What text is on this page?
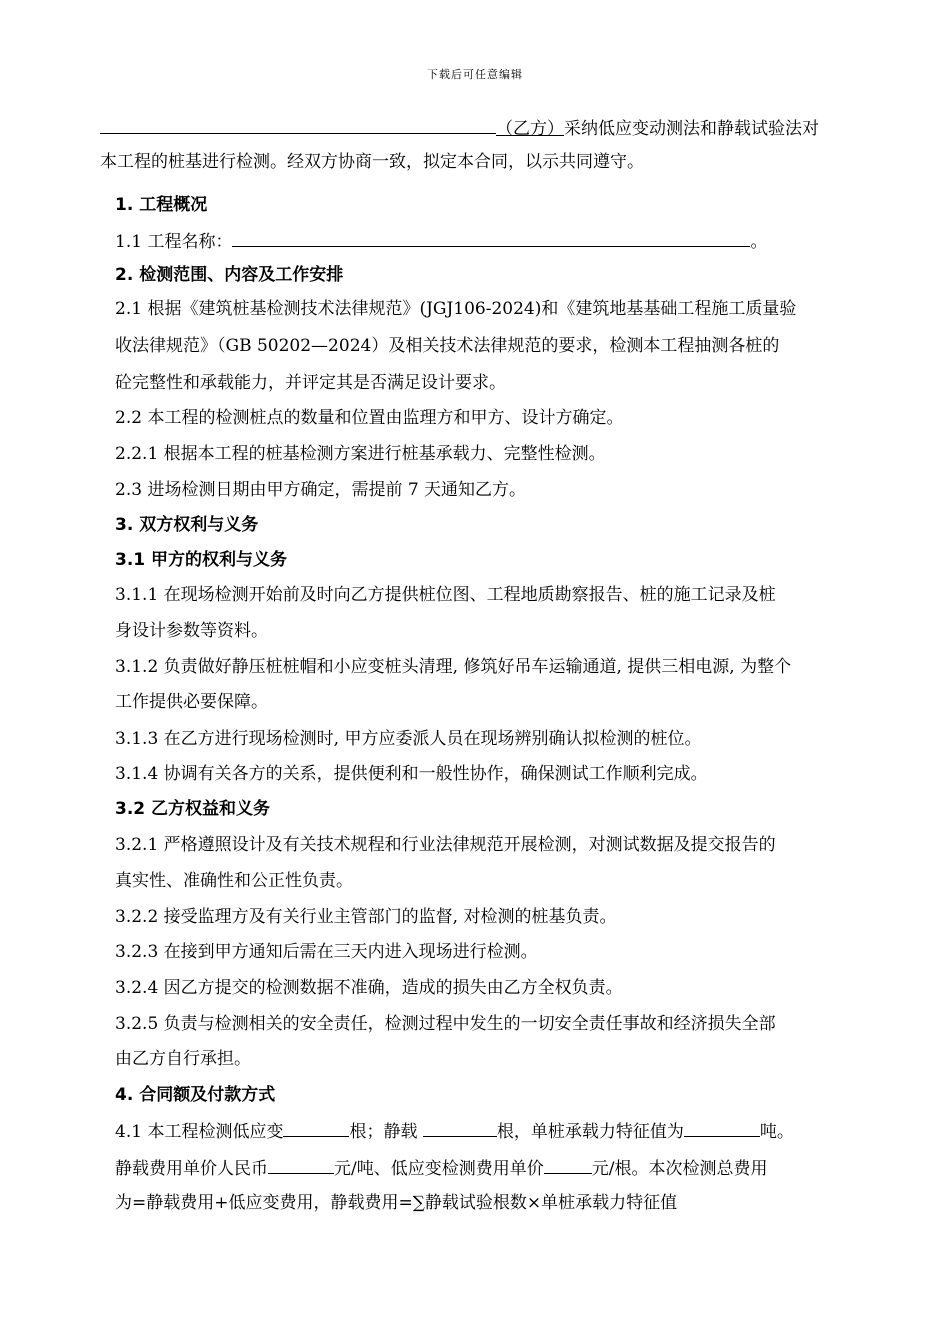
下载后可任意编辑
（乙方）采纳低应变动测法和静载试验法对
本工程的桩基进行检测。经双方协商一致，拟定本合同，以示共同遵守。
1. 工程概况
1.1 工程名称：	。
2. 检测范围、内容及工作安排
2.1 根据《建筑桩基检测技术法律规范》(JGJ106-2024)和《建筑地基基础工程施工质量验
收法律规范》（GB 50202—2024）及相关技术法律规范的要求，检测本工程抽测各桩的
砼完整性和承载能力，并评定其是否满足设计要求。
2.2 本工程的检测桩点的数量和位置由监理方和甲方、设计方确定。
2.2.1 根据本工程的桩基检测方案进行桩基承载力、完整性检测。
2.3 进场检测日期由甲方确定，需提前 7 天通知乙方。
3. 双方权利与义务
3.1 甲方的权利与义务
3.1.1 在现场检测开始前及时向乙方提供桩位图、工程地质勘察报告、桩的施工记录及桩
身设计参数等资料。
3.1.2 负责做好静压桩桩帽和小应变桩头清理, 修筑好吊车运输通道, 提供三相电源, 为整个
工作提供必要保障。
3.1.3 在乙方进行现场检测时, 甲方应委派人员在现场辨别确认拟检测的桩位。
3.1.4 协调有关各方的关系，提供便利和一般性协作，确保测试工作顺利完成。
3.2 乙方权益和义务
3.2.1 严格遵照设计及有关技术规程和行业法律规范开展检测，对测试数据及提交报告的
真实性、准确性和公正性负责。
3.2.2 接受监理方及有关行业主管部门的监督, 对检测的桩基负责。
3.2.3 在接到甲方通知后需在三天内进入现场进行检测。
3.2.4 因乙方提交的检测数据不准确，造成的损失由乙方全权负责。
3.2.5 负责与检测相关的安全责任，检测过程中发生的一切安全责任事故和经济损失全部
由乙方自行承担。
4. 合同额及付款方式
4.1 本工程检测低应变	根；静载	根，单桩承载力特征值为	吨。
静载费用单价人民币	元/吨、低应变检测费用单价	元/根。本次检测总费用
为=静载费用+低应变费用，静载费用=∑静载试验根数×单桩承载力特征值
